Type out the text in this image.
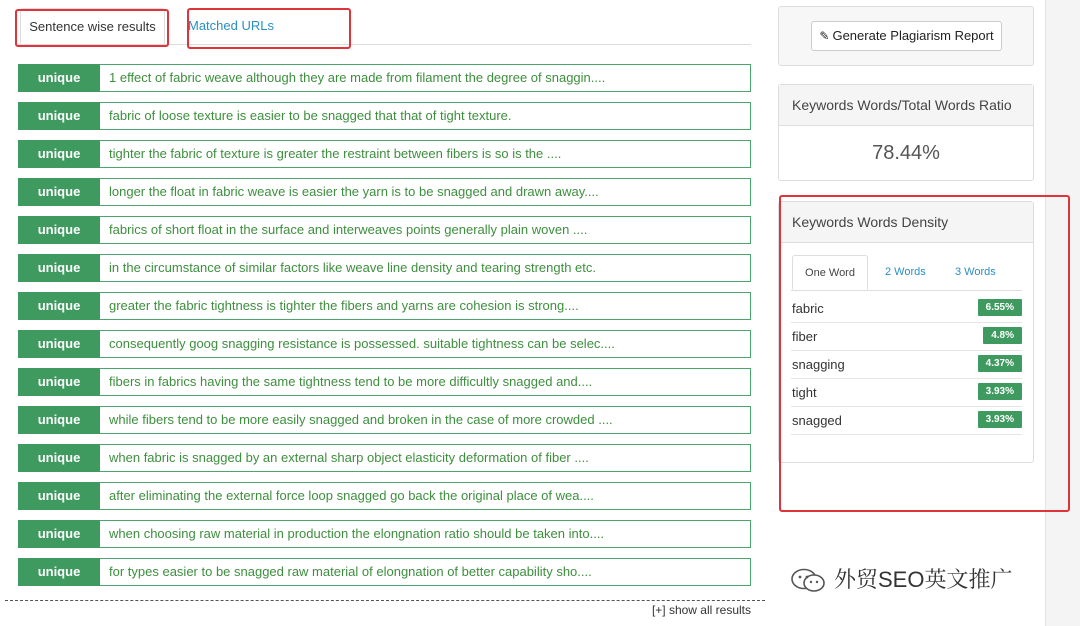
Sentence wise results	Matched URLs
unique	1 effect of fabric weave although they are made from filament the degree of snaggin....
unique	fabric of loose texture is easier to be snagged that that of tight texture.
unique	tighter the fabric of texture is greater the restraint between fibers is so is the ....
unique	longer the float in fabric weave is easier the yarn is to be snagged and drawn away....
unique	fabrics of short float in the surface and interweaves points generally plain woven ....
unique	in the circumstance of similar factors like weave line density and tearing strength etc.
unique	greater the fabric tightness is tighter the fibers and yarns are cohesion is strong....
unique	consequently goog snagging resistance is possessed. suitable tightness can be selec....
unique	fibers in fabrics having the same tightness tend to be more difficultly snagged and....
unique	while fibers tend to be more easily snagged and broken in the case of more crowded ....
unique	when fabric is snagged by an external sharp object elasticity deformation of fiber ....
unique	after eliminating the external force loop snagged go back the original place of wea....
unique	when choosing raw material in production the elongnation ratio should be taken into....
unique	for types easier to be snagged raw material of elongnation of better capability sho....
[+] show all results
✎ Generate Plagiarism Report
Keywords Words/Total Words Ratio
78.44%
Keywords Words Density
One Word	2 Words	3 Words
fabric	6.55%
fiber	4.8%
snagging	4.37%
tight	3.93%
snagged	3.93%
外贸SEO英文推广
